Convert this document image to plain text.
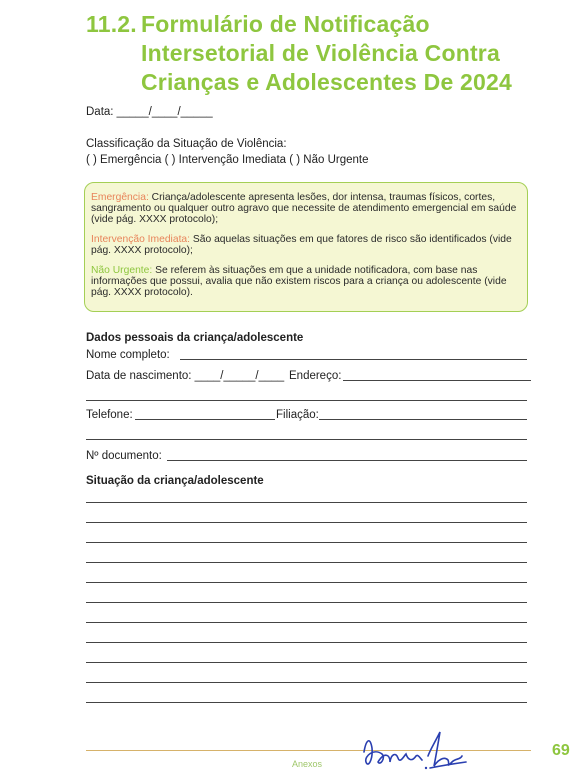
11.2. Formulário de Notificação
Intersetorial de Violência Contra
Crianças e Adolescentes De 2024
Data: _____/____/_____
Classificação da Situação de Violência:
( ) Emergência ( ) Intervenção Imediata ( ) Não Urgente

Emergência: Criança/adolescente apresenta lesões, dor intensa, traumas físicos, cortes, sangramento ou qualquer outro agravo que necessite de atendimento emergencial em saúde (vide pág. XXXX protocolo);

Intervenção Imediata: São aquelas situações em que fatores de risco são identificados (vide pág. XXXX protocolo);

Não Urgente: Se referem às situações em que a unidade notificadora, com base nas informações que possui, avalia que não existem riscos para a criança ou adolescente (vide pág. XXXX protocolo).

Dados pessoais da criança/adolescente
Nome completo:
Data de nascimento: ____/_____/____ Endereço:
Telefone:	Filiação:
Nº documento:
Situação da criança/adolescente
Anexos
69
